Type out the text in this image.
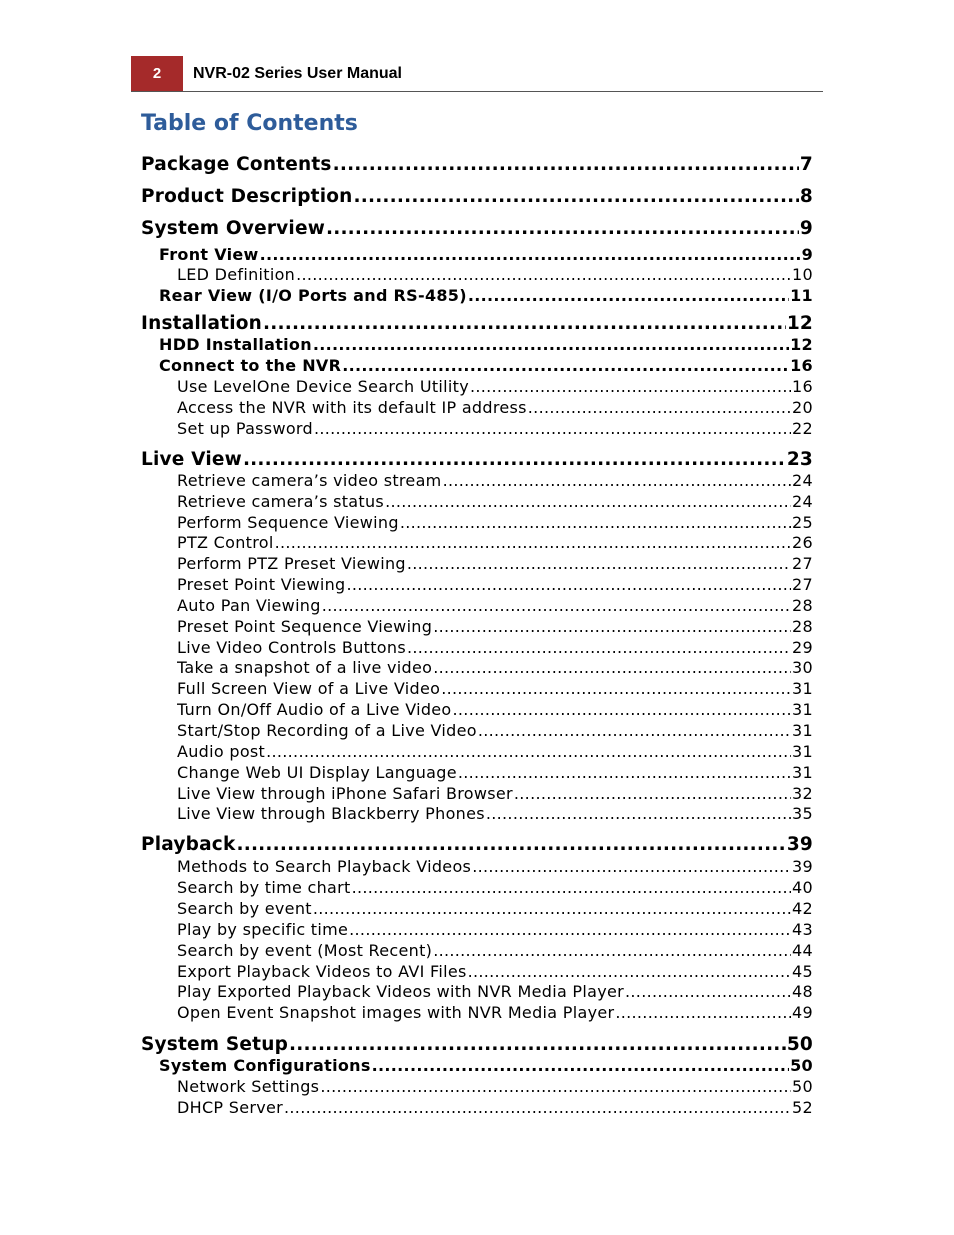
2	NVR-02 Series User Manual
Table of Contents
Package Contents .....	7
Product Description .....	8
System Overview .....	9
Front View .....	9
LED Definition .....	10
Rear View (I/O Ports and RS-485) .....	11
Installation .....	12
HDD Installation .....	12
Connect to the NVR .....	16
Use LevelOne Device Search Utility .....	16
Access the NVR with its default IP address .....	20
Set up Password .....	22
Live View .....	23
Retrieve camera’s video stream .....	24
Retrieve camera’s status .....	24
Perform Sequence Viewing .....	25
PTZ Control .....	26
Perform PTZ Preset Viewing .....	27
Preset Point Viewing .....	27
Auto Pan Viewing .....	28
Preset Point Sequence Viewing .....	28
Live Video Controls Buttons .....	29
Take a snapshot of a live video .....	30
Full Screen View of a Live Video .....	31
Turn On/Off Audio of a Live Video .....	31
Start/Stop Recording of a Live Video .....	31
Audio post .....	31
Change Web UI Display Language .....	31
Live View through iPhone Safari Browser .....	32
Live View through Blackberry Phones .....	35
Playback .....	39
Methods to Search Playback Videos .....	39
Search by time chart .....	40
Search by event .....	42
Play by specific time .....	43
Search by event (Most Recent) .....	44
Export Playback Videos to AVI Files .....	45
Play Exported Playback Videos with NVR Media Player .....	48
Open Event Snapshot images with NVR Media Player .....	49
System Setup .....	50
System Configurations .....	50
Network Settings .....	50
DHCP Server .....	52
